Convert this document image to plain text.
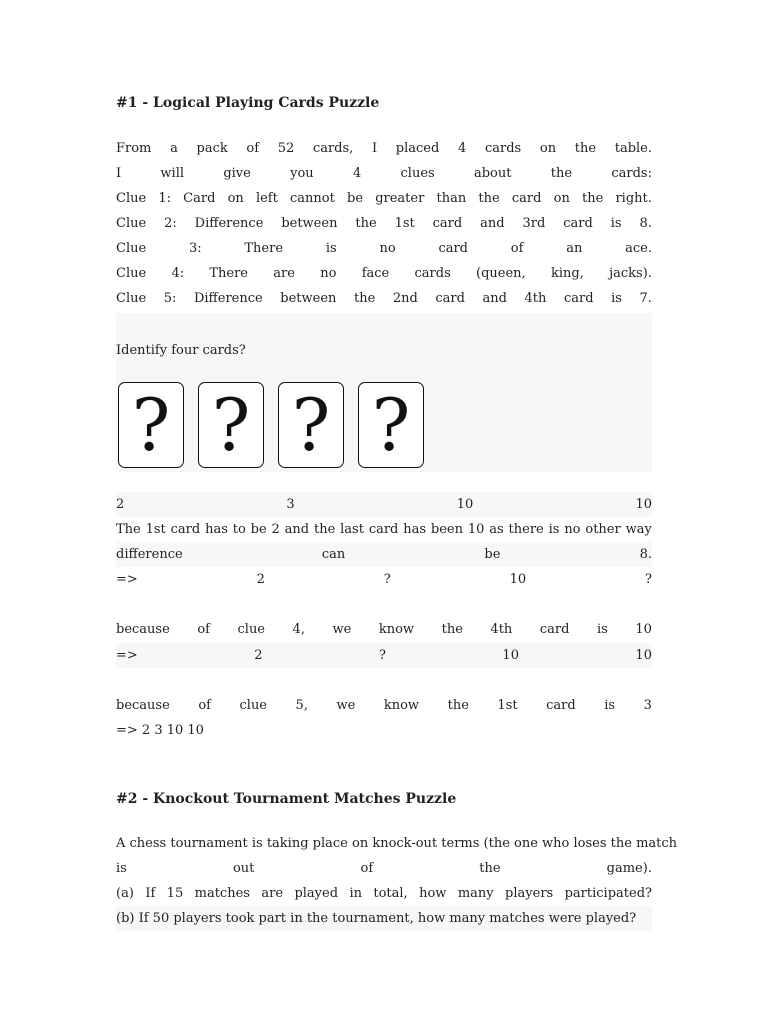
#1 - Logical Playing Cards Puzzle
From a pack of 52 cards, I placed 4 cards on the table.
I	will	give	you	4	clues	about	the	cards:
Clue 1: Card on left cannot be greater than the card on the right.
Clue 2: Difference between the 1st card and 3rd card is 8.
Clue	3:	There	is	no	card	of	an	ace.
Clue 4: There are no face cards (queen, king, jacks).
Clue 5: Difference between the 2nd card and 4th card is 7.
Identify four cards?
? ? ? ?
2	3	10	10
The 1st card has to be 2 and the last card has been 10 as there is no other way
difference	can	be	8.
=>	2	?	10	?
because of clue 4, we know the 4th card is 10
=>	2	?	10	10
because of clue 5, we know the 1st card is 3
=> 2 3 10 10
#2 - Knockout Tournament Matches Puzzle
A chess tournament is taking place on knock-out terms (the one who loses the match
is	out	of	the	game).
(a) If 15 matches are played in total, how many players participated?
(b) If 50 players took part in the tournament, how many matches were played?
